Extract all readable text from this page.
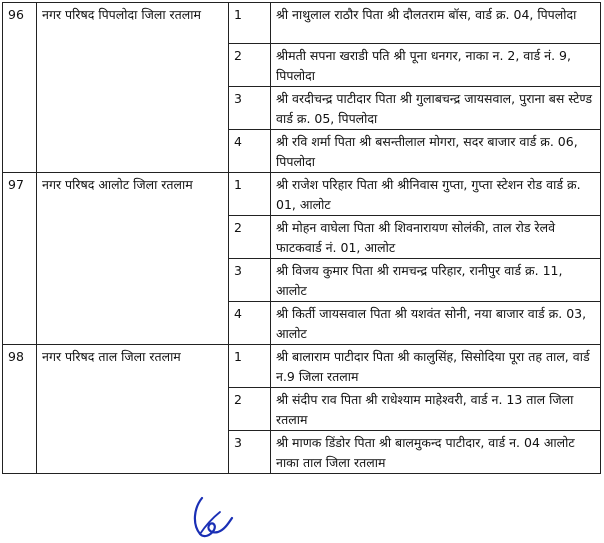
96	नगर परिषद पिपलोदा जिला रतलाम	1	श्री नाथुलाल राठौर पिता श्री दौलतराम बॉस, वार्ड क्र. 04, पिपलोदा
		2	श्रीमती सपना खराडी पति श्री पूना धनगर, नाका न. 2, वार्ड नं. 9, पिपलोदा
		3	श्री वरदीचन्द्र पाटीदार पिता श्री गुलाबचन्द्र जायसवाल, पुराना बस स्टेण्ड वार्ड क्र. 05, पिपलोदा
		4	श्री रवि शर्मा पिता श्री बसन्तीलाल मोगरा, सदर बाजार वार्ड क्र. 06, पिपलोदा
97	नगर परिषद आलोट जिला रतलाम	1	श्री राजेश परिहार पिता श्री श्रीनिवास गुप्ता, गुप्ता स्टेशन रोड वार्ड क्र. 01, आलोट
		2	श्री मोहन वाघेला पिता श्री शिवनारायण सोलंकी, ताल रोड रेलवे फाटकवार्ड नं. 01, आलोट
		3	श्री विजय कुमार पिता श्री रामचन्द्र परिहार, रानीपुर वार्ड क्र. 11, आलोट
		4	श्री किर्ती जायसवाल पिता श्री यशवंत सोनी, नया बाजार वार्ड क्र. 03, आलोट
98	नगर परिषद ताल जिला रतलाम	1	श्री बालाराम पाटीदार पिता श्री कालुसिंह, सिसोदिया पूरा तह ताल, वार्ड न.9 जिला रतलाम
		2	श्री संदीप राव पिता श्री राधेश्याम माहेश्वरी, वार्ड न. 13 ताल जिला रतलाम
		3	श्री माणक डिंडोर पिता श्री बालमुकन्द पाटीदार, वार्ड न. 04 आलोट नाका ताल जिला रतलाम
